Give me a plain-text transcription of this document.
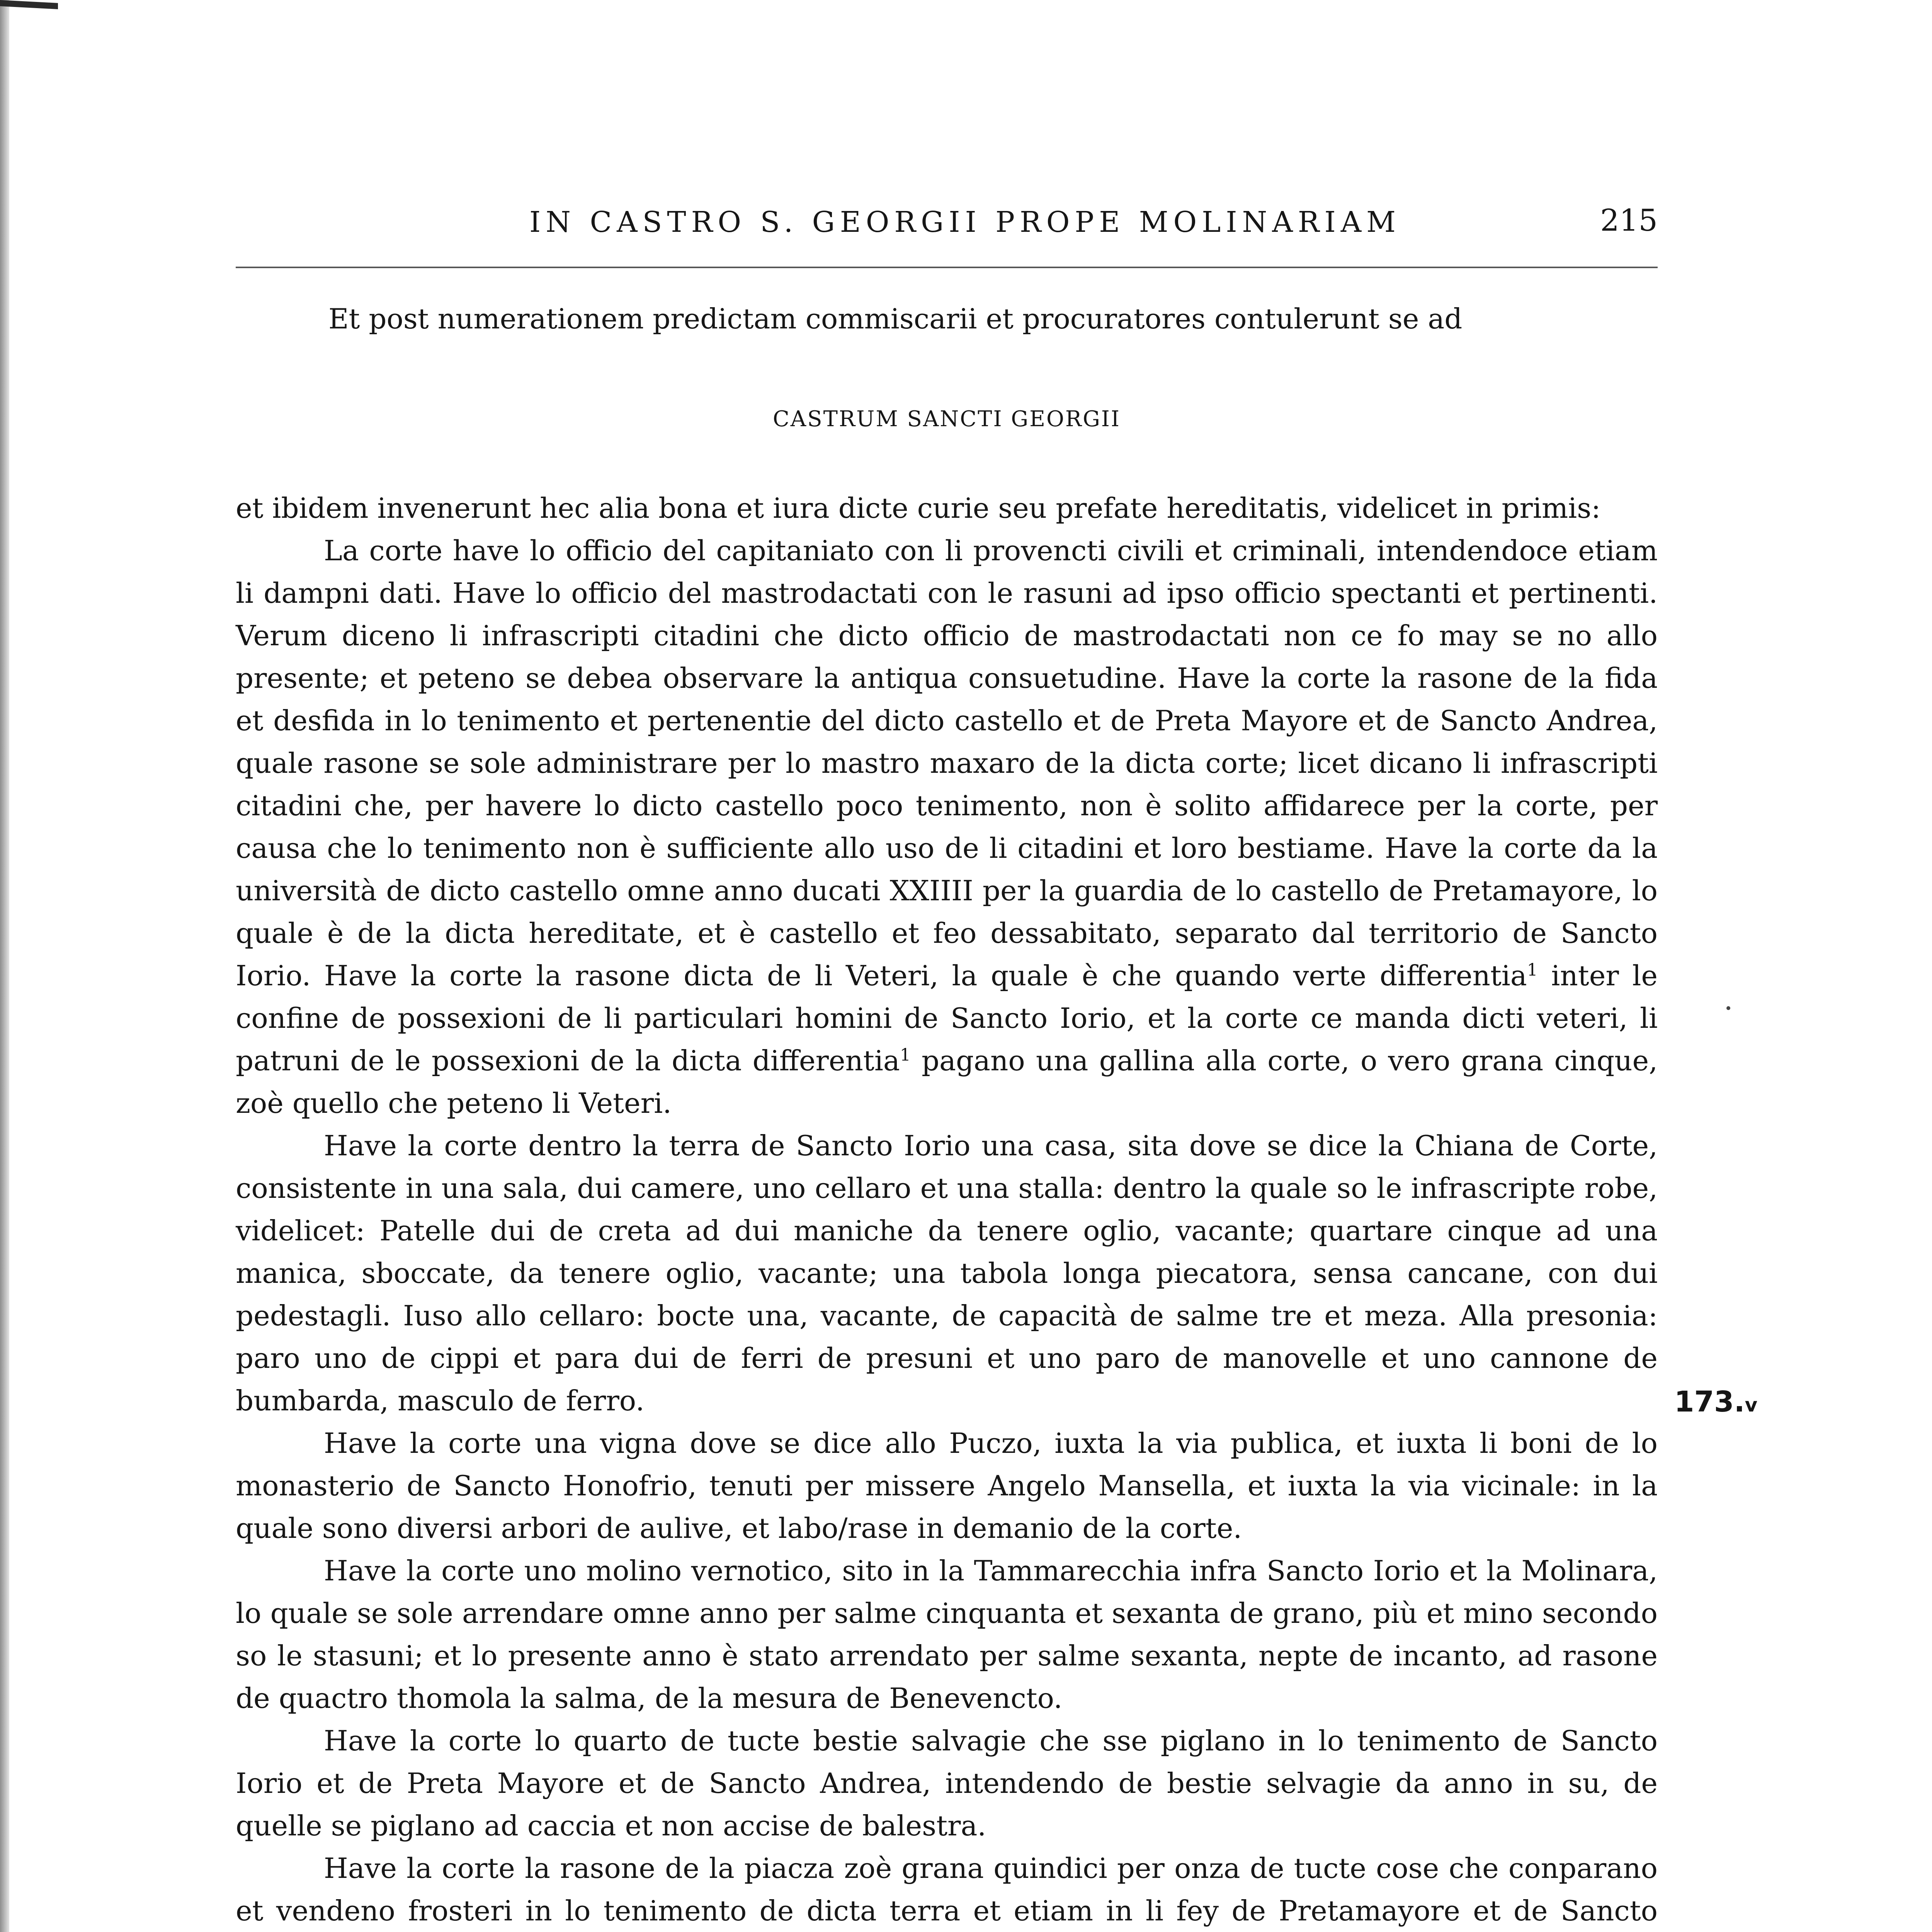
IN CASTRO S. GEORGII PROPE MOLINARIAM	215

Et post numerationem predictam commiscarii et procuratores contulerunt se ad

CASTRUM SANCTI GEORGII

et ibidem invenerunt hec alia bona et iura dicte curie seu prefate hereditatis, videlicet in primis:

La corte have lo officio del capitaniato con li provencti civili et criminali, intendendoce etiam li dampni dati. Have lo officio del mastrodactati con le rasuni ad ipso officio spectanti et pertinenti. Verum diceno li infrascripti citadini che dicto officio de mastrodactati non ce fo may se no allo presente; et peteno se debea observare la antiqua consuetudine. Have la corte la rasone de la fida et desfida in lo tenimento et pertenentie del dicto castello et de Preta Mayore et de Sancto Andrea, quale rasone se sole administrare per lo mastro maxaro de la dicta corte; licet dicano li infrascripti citadini che, per havere lo dicto castello poco tenimento, non è solito affidarece per la corte, per causa che lo tenimento non è sufficiente allo uso de li citadini et loro bestiame. Have la corte da la università de dicto castello omne anno ducati XXIIII per la guardia de lo castello de Pretamayore, lo quale è de la dicta hereditate, et è castello et feo dessabitato, separato dal territorio de Sancto Iorio. Have la corte la rasone dicta de li Veteri, la quale è che quando verte differentia$^1$ inter le confine de possexioni de li particulari homini de Sancto Iorio, et la corte ce manda dicti veteri, li patruni de le possexioni de la dicta differentia$^1$ pagano una gallina alla corte, o vero grana cinque, zoè quello che peteno li Veteri.

Have la corte dentro la terra de Sancto Iorio una casa, sita dove se dice la Chiana de Corte, consistente in una sala, dui camere, uno cellaro et una stalla: dentro la quale so le infrascripte robe, videlicet: Patelle dui de creta ad dui maniche da tenere oglio, vacante; quartare cinque ad una manica, sboccate, da tenere oglio, vacante; una tabola longa piecatora, sensa cancane, con dui pedestagli. Iuso allo cellaro: bocte una, vacante, de capacità de salme tre et meza. Alla presonia: paro uno de cippi et para dui de ferri de presuni et uno paro de manovelle et uno cannone de bumbarda, masculo de ferro.

Have la corte una vigna dove se dice allo Puczo, iuxta la via publica, et iuxta li boni de lo monasterio de Sancto Honofrio, tenuti per missere Angelo Mansella, et iuxta la via vicinale: in la quale sono diversi arbori de aulive, et labo/rase in demanio de la corte.

Have la corte uno molino vernotico, sito in la Tammarecchia infra Sancto Iorio et la Molinara, lo quale se sole arrendare omne anno per salme cinquanta et sexanta de grano, più et mino secondo so le stasuni; et lo presente anno è stato arrendato per salme sexanta, nepte de incanto, ad rasone de quactro thomola la salma, de la mesura de Benevencto.

Have la corte lo quarto de tucte bestie salvagie che sse piglano in lo tenimento de Sancto Iorio et de Preta Mayore et de Sancto Andrea, intendendo de bestie selvagie da anno in su, de quelle se piglano ad caccia et non accise de balestra.

Have la corte la rasone de la piacza zoè grana quindici per onza de tucte cose che conparano et vendeno frosteri in lo tenimento de dicta terra et etiam in li fey de Pretamayore et de Sancto

173.v
